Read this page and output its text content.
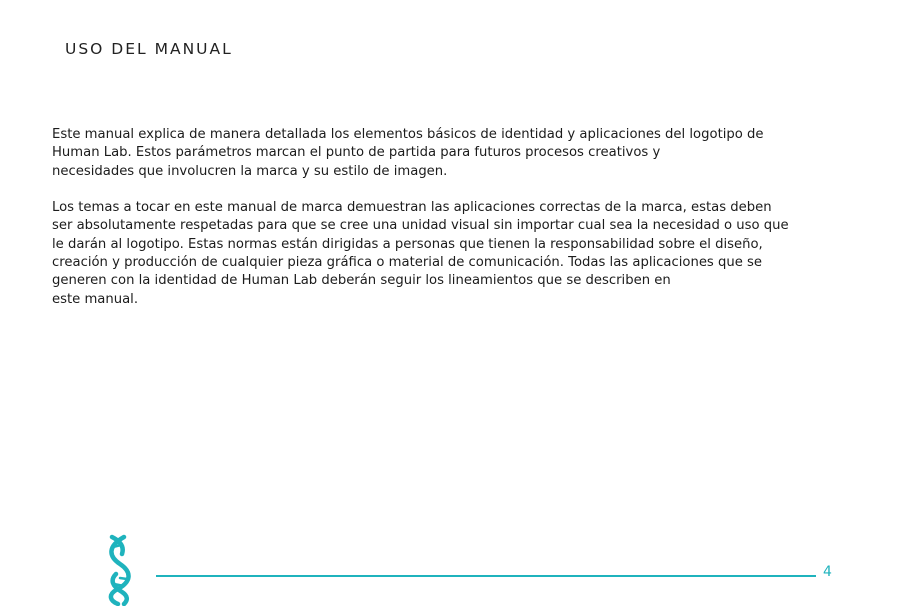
USO DEL MANUAL

Este manual explica de manera detallada los elementos básicos de identidad y aplicaciones del logotipo de
Human Lab. Estos parámetros marcan el punto de partida para futuros procesos creativos y
necesidades que involucren la marca y su estilo de imagen.

Los temas a tocar en este manual de marca demuestran las aplicaciones correctas de la marca, estas deben
ser absolutamente respetadas para que se cree una unidad visual sin importar cual sea la necesidad o uso que
le darán al logotipo. Estas normas están dirigidas a personas que tienen la responsabilidad sobre el diseño,
creación y producción de cualquier pieza gráfica o material de comunicación. Todas las aplicaciones que se
generen con la identidad de Human Lab deberán seguir los lineamientos que se describen en
este manual.

4
